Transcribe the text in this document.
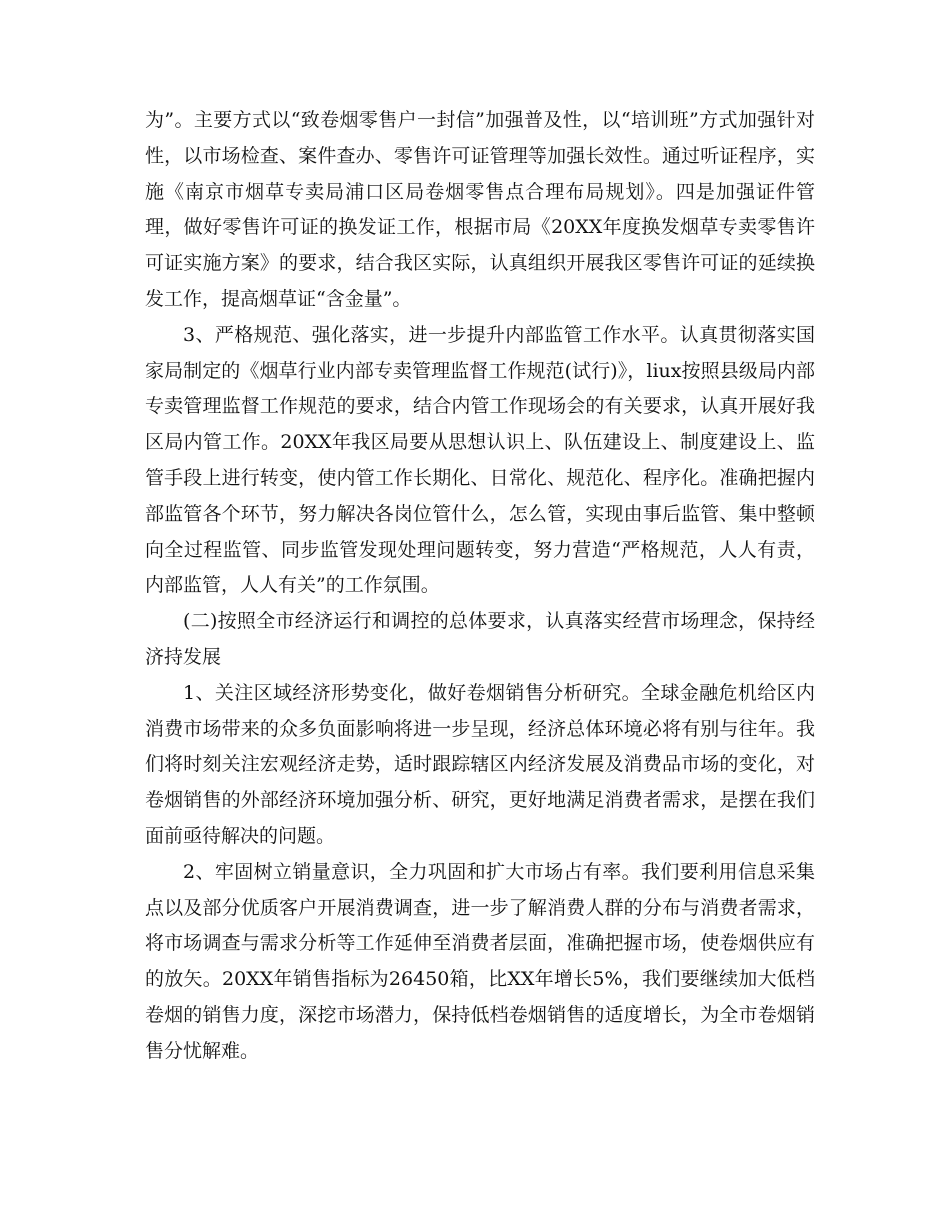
为”。主要方式以“致卷烟零售户一封信”加强普及性，以“培训班”方式加强针对性，以市场检查、案件查办、零售许可证管理等加强长效性。通过听证程序，实施《南京市烟草专卖局浦口区局卷烟零售点合理布局规划》。四是加强证件管理，做好零售许可证的换发证工作，根据市局《20XX年度换发烟草专卖零售许可证实施方案》的要求，结合我区实际，认真组织开展我区零售许可证的延续换发工作，提高烟草证“含金量”。

3、严格规范、强化落实，进一步提升内部监管工作水平。认真贯彻落实国家局制定的《烟草行业内部专卖管理监督工作规范(试行)》，liux按照县级局内部专卖管理监督工作规范的要求，结合内管工作现场会的有关要求，认真开展好我区局内管工作。20XX年我区局要从思想认识上、队伍建设上、制度建设上、监管手段上进行转变，使内管工作长期化、日常化、规范化、程序化。准确把握内部监管各个环节，努力解决各岗位管什么，怎么管，实现由事后监管、集中整顿向全过程监管、同步监管发现处理问题转变，努力营造“严格规范，人人有责，内部监管，人人有关”的工作氛围。

(二)按照全市经济运行和调控的总体要求，认真落实经营市场理念，保持经济持发展

1、关注区域经济形势变化，做好卷烟销售分析研究。全球金融危机给区内消费市场带来的众多负面影响将进一步呈现，经济总体环境必将有别与往年。我们将时刻关注宏观经济走势，适时跟踪辖区内经济发展及消费品市场的变化，对卷烟销售的外部经济环境加强分析、研究，更好地满足消费者需求，是摆在我们面前亟待解决的问题。

2、牢固树立销量意识，全力巩固和扩大市场占有率。我们要利用信息采集点以及部分优质客户开展消费调查，进一步了解消费人群的分布与消费者需求，将市场调查与需求分析等工作延伸至消费者层面，准确把握市场，使卷烟供应有的放矢。20XX年销售指标为26450箱，比XX年增长5%，我们要继续加大低档卷烟的销售力度，深挖市场潜力，保持低档卷烟销售的适度增长，为全市卷烟销售分忧解难。
